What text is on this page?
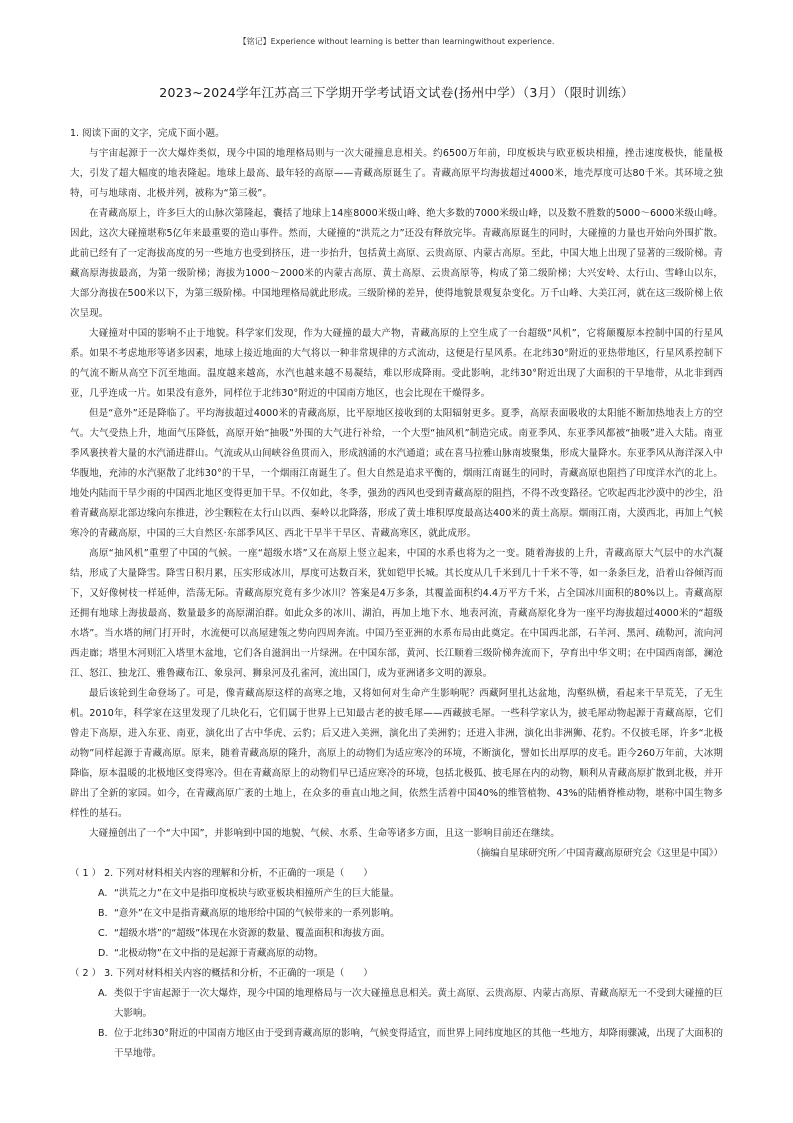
【铭记】Experience without learning is better than learningwithout experience.
2023~2024学年江苏高三下学期开学考试语文试卷(扬州中学）（3月）（限时训练）

1. 阅读下面的文字，完成下面小题。

与宇宙起源于一次大爆炸类似，现今中国的地理格局则与一次大碰撞息息相关。约6500万年前，印度板块与欧亚板块相撞，挫击速度极快，能量极大，引发了超大幅度的地表隆起。地球上最高、最年轻的高原——青藏高原诞生了。青藏高原平均海拔超过4000米，地壳厚度可达80千米。其环境之独特，可与地球南、北极并列，被称为“第三极”。

在青藏高原上，许多巨大的山脉次第隆起，囊括了地球上14座8000米级山峰、绝大多数的7000米级山峰，以及数不胜数的5000～6000米级山峰。因此，这次大碰撞堪称5亿年来最重要的造山事件。然而，大碰撞的“洪荒之力”还没有释放完毕。青藏高原诞生的同时，大碰撞的力量也开始向外围扩散。此前已经有了一定海拔高度的另一些地方也受到挤压，进一步抬升，包括黄土高原、云贵高原、内蒙古高原。至此，中国大地上出现了显著的三级阶梯。青藏高原海拔最高，为第一级阶梯；海拔为1000～2000米的内蒙古高原、黄土高原、云贵高原等，构成了第二级阶梯；大兴安岭、太行山、雪峰山以东，大部分海拔在500米以下，为第三级阶梯。中国地理格局就此形成。三级阶梯的差异，使得地貌景观复杂变化。万千山峰、大美江河，就在这三级阶梯上依次呈现。

大碰撞对中国的影响不止于地貌。科学家们发现，作为大碰撞的最大产物，青藏高原的上空生成了一台超级“风机”，它将颠覆原本控制中国的行星风系。如果不考虑地形等诸多因素，地球上接近地面的大气将以一种非常规律的方式流动，这便是行星风系。在北纬30°附近的亚热带地区，行星风系控制下的气流不断从高空下沉至地面。温度越来越高，水汽也越来越不易凝结，难以形成降雨。受此影响，北纬30°附近出现了大面积的干旱地带，从北非到西亚，几乎连成一片。如果没有意外，同样位于北纬30°附近的中国南方地区，也会比现在干燥得多。

但是“意外”还是降临了。平均海拔超过4000米的青藏高原，比平原地区接收到的太阳辐射更多。夏季，高原表面吸收的太阳能不断加热地表上方的空气。大气受热上升，地面气压降低，高原开始“抽吸”外围的大气进行补给，一个大型“抽风机”制造完成。南亚季风、东亚季风都被“抽吸”进入大陆。南亚季风裹挟着大量的水汽涌进群山。气流或从山间峡谷鱼贯而入，形成汹涌的水汽通道；或在喜马拉雅山脉南坡聚集，形成大量降水。东亚季风从海洋深入中华腹地，充沛的水汽驱散了北纬30°的干旱，一个烟雨江南诞生了。但大自然是追求平衡的，烟雨江南诞生的同时，青藏高原也阻挡了印度洋水汽的北上。地处内陆而干旱少雨的中国西北地区变得更加干旱。不仅如此，冬季，强劲的西风也受到青藏高原的阻挡，不得不改变路径。它吹起西北沙漠中的沙尘，沿着青藏高原北部边缘向东推进，沙尘颗粒在太行山以西、秦岭以北降落，形成了黄土堆积厚度最高达400米的黄土高原。烟雨江南，大漠西北，再加上气候寒冷的青藏高原，中国的三大自然区·东部季风区、西北干旱半干旱区、青藏高寒区，就此成形。

高原“抽风机”重塑了中国的气候。一座“超级水塔”又在高原上竖立起来，中国的水系也将为之一变。随着海拔的上升，青藏高原大气层中的水汽凝结，形成了大量降雪。降雪日积月累，压实形成冰川，厚度可达数百米，犹如铠甲长城。其长度从几千米到几十千米不等，如一条条巨龙，沿着山谷倾泻而下，又好像树枝一样延伸，浩荡无际。青藏高原究竟有多少冰川？答案是4万多条，其覆盖面积约4.4万平方千米，占全国冰川面积的80%以上。青藏高原还拥有地球上海拔最高、数量最多的高原湖泊群。如此众多的冰川、湖泊，再加上地下水、地表河流，青藏高原化身为一座平均海拔超过4000米的“超级水塔”。当水塔的闸门打开时，水流便可以高屋建瓴之势向四周奔流。中国乃至亚洲的水系布局由此奠定。在中国西北部，石羊河、黑河、疏勒河，流向河西走廊；塔里木河则汇入塔里木盆地，它们各自滋润出一片绿洲。在中国东部，黄河、长江顺着三级阶梯奔流而下，孕育出中华文明；在中国西南部，澜沧江、怒江、独龙江、雅鲁藏布江、象泉河、狮泉河及孔雀河，流出国门，成为亚洲诸多文明的源泉。

最后该轮到生命登场了。可是，像青藏高原这样的高寒之地，又将如何对生命产生影响呢？西藏阿里扎达盆地，沟壑纵横，看起来干旱荒芜，了无生机。2010年，科学家在这里发现了几块化石，它们属于世界上已知最古老的披毛犀——西藏披毛犀。一些科学家认为，披毛犀动物起源于青藏高原，它们曾走下高原，进入东亚、南亚，演化出了古中华虎、云豹；后又进入美洲，演化出了美洲豹；还进入非洲，演化出非洲狮、花豹。不仅披毛犀，许多“北极动物”同样起源于青藏高原。原来，随着青藏高原的隆升，高原上的动物们为适应寒冷的环境，不断演化，譬如长出厚厚的皮毛。距今260万年前，大冰期降临，原本温暖的北极地区变得寒冷。但在青藏高原上的动物们早已适应寒冷的环境，包括北极狐、披毛犀在内的动物，顺利从青藏高原扩散到北极，并开辟出了全新的家园。如今，在青藏高原广袤的土地上，在众多的垂直山地之间，依然生活着中国40%的维管植物、43%的陆栖脊椎动物，堪称中国生物多样性的基石。

大碰撞创出了一个“大中国”，并影响到中国的地貌、气候、水系、生命等诸多方面，且这一影响目前还在继续。

（摘编自星球研究所／中国青藏高原研究会《这里是中国》）

（ 1 ） 2. 下列对材料相关内容的理解和分析，不正确的一项是（　　）

A. “洪荒之力”在文中是指印度板块与欧亚板块相撞所产生的巨大能量。
B. “意外”在文中是指青藏高原的地形给中国的气候带来的一系列影响。
C. “超级水塔”的“超级”体现在水资源的数量、覆盖面积和海拔方面。
D. “北极动物”在文中指的是起源于青藏高原的动物。

（ 2 ） 3. 下列对材料相关内容的概括和分析，不正确的一项是（　　）

A. 类似于宇宙起源于一次大爆炸，现今中国的地理格局与一次大碰撞息息相关。黄土高原、云贵高原、内蒙古高原、青藏高原无一不受到大碰撞的巨大影响。
B. 位于北纬30°附近的中国南方地区由于受到青藏高原的影响，气候变得适宜，而世界上同纬度地区的其他一些地方，却降雨骤减，出现了大面积的干旱地带。
